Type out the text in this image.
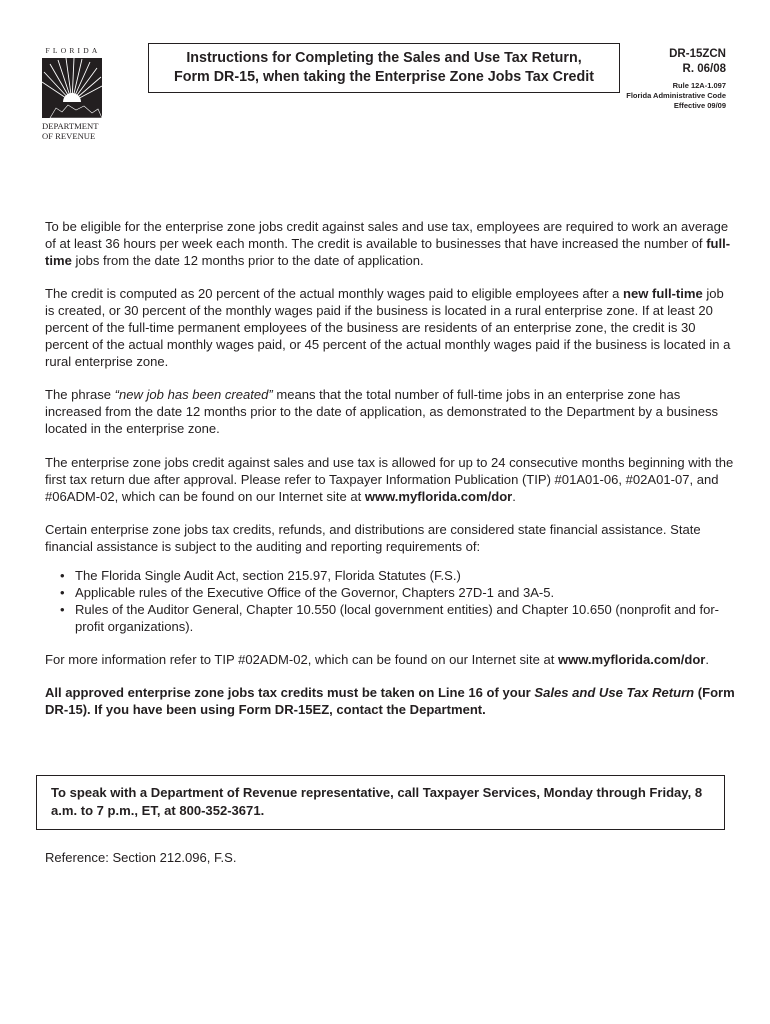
FLORIDA
DEPARTMENT
OF REVENUE
Instructions for Completing the Sales and Use Tax Return,
Form DR-15, when taking the Enterprise Zone Jobs Tax Credit
DR-15ZCN
R. 06/08
Rule 12A-1.097
Florida Administrative Code
Effective 09/09

To be eligible for the enterprise zone jobs credit against sales and use tax, employees are required to work an average of at least 36 hours per week each month. The credit is available to businesses that have increased the number of full-time jobs from the date 12 months prior to the date of application.

The credit is computed as 20 percent of the actual monthly wages paid to eligible employees after a new full-time job is created, or 30 percent of the monthly wages paid if the business is located in a rural enterprise zone. If at least 20 percent of the full-time permanent employees of the business are residents of an enterprise zone, the credit is 30 percent of the actual monthly wages paid, or 45 percent of the actual monthly wages paid if the business is located in a rural enterprise zone.

The phrase “new job has been created” means that the total number of full-time jobs in an enterprise zone has increased from the date 12 months prior to the date of application, as demonstrated to the Department by a business located in the enterprise zone.

The enterprise zone jobs credit against sales and use tax is allowed for up to 24 consecutive months beginning with the first tax return due after approval. Please refer to Taxpayer Information Publication (TIP) #01A01-06, #02A01-07, and #06ADM-02, which can be found on our Internet site at www.myflorida.com/dor.

Certain enterprise zone jobs tax credits, refunds, and distributions are considered state financial assistance. State financial assistance is subject to the auditing and reporting requirements of:

• The Florida Single Audit Act, section 215.97, Florida Statutes (F.S.)
• Applicable rules of the Executive Office of the Governor, Chapters 27D-1 and 3A-5.
• Rules of the Auditor General, Chapter 10.550 (local government entities) and Chapter 10.650 (nonprofit and for-profit organizations).

For more information refer to TIP #02ADM-02, which can be found on our Internet site at www.myflorida.com/dor.

All approved enterprise zone jobs tax credits must be taken on Line 16 of your Sales and Use Tax Return (Form DR-15). If you have been using Form DR-15EZ, contact the Department.

To speak with a Department of Revenue representative, call Taxpayer Services, Monday through Friday, 8 a.m. to 7 p.m., ET, at 800-352-3671.
Reference: Section 212.096, F.S.
